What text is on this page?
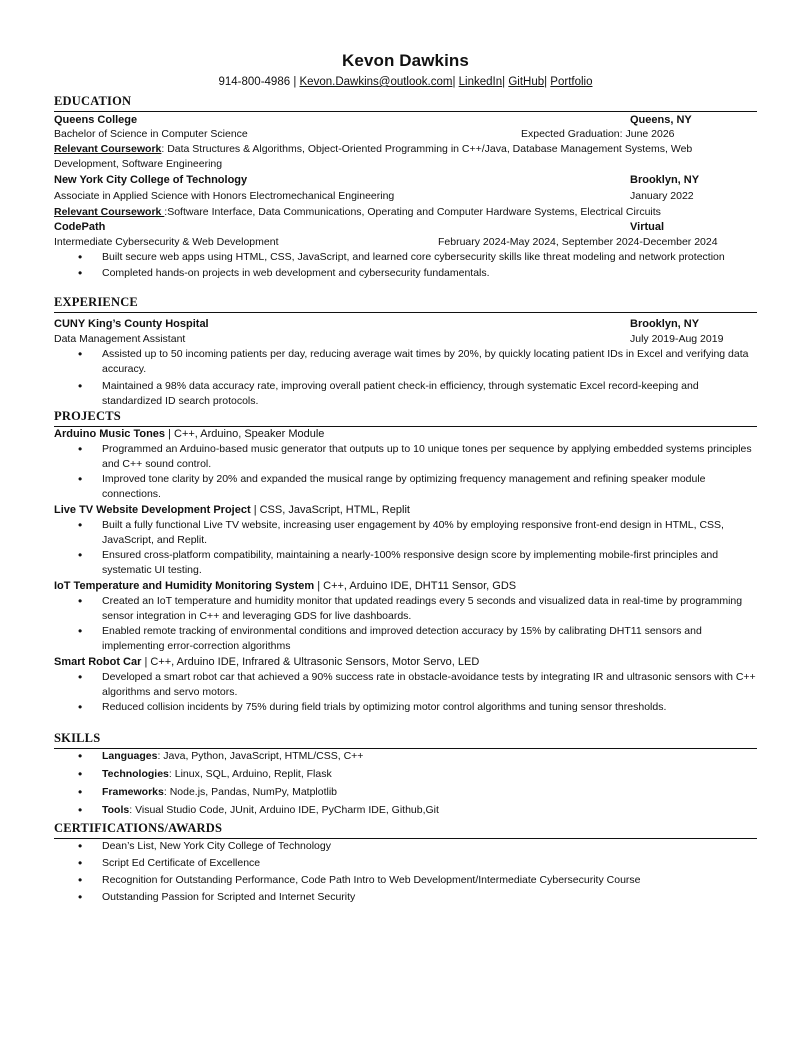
Kevon Dawkins
914-800-4986 | Kevon.Dawkins@outlook.com| LinkedIn| GitHub| Portfolio
EDUCATION
Queens College	Queens, NY
Bachelor of Science in Computer Science	Expected Graduation: June 2026
Relevant Coursework: Data Structures & Algorithms, Object-Oriented Programming in C++/Java, Database Management Systems, Web Development, Software Engineering
New York City College of Technology	Brooklyn, NY
Associate in Applied Science with Honors Electromechanical Engineering	January 2022
Relevant Coursework :Software Interface, Data Communications, Operating and Computer Hardware Systems, Electrical Circuits
CodePath	Virtual
Intermediate Cybersecurity & Web Development	February 2024-May 2024, September 2024-December 2024
• Built secure web apps using HTML, CSS, JavaScript, and learned core cybersecurity skills like threat modeling and network protection
• Completed hands-on projects in web development and cybersecurity fundamentals.
EXPERIENCE
CUNY King’s County Hospital	Brooklyn, NY
Data Management Assistant	July 2019-Aug 2019
• Assisted up to 50 incoming patients per day, reducing average wait times by 20%, by quickly locating patient IDs in Excel and verifying data accuracy.
• Maintained a 98% data accuracy rate, improving overall patient check-in efficiency, through systematic Excel record-keeping and standardized ID search protocols.
PROJECTS
Arduino Music Tones | C++, Arduino, Speaker Module
• Programmed an Arduino-based music generator that outputs up to 10 unique tones per sequence by applying embedded systems principles and C++ sound control.
• Improved tone clarity by 20% and expanded the musical range by optimizing frequency management and refining speaker module connections.
Live TV Website Development Project | CSS, JavaScript, HTML, Replit
• Built a fully functional Live TV website, increasing user engagement by 40% by employing responsive front-end design in HTML, CSS, JavaScript, and Replit.
• Ensured cross-platform compatibility, maintaining a nearly-100% responsive design score by implementing mobile-first principles and systematic UI testing.
IoT Temperature and Humidity Monitoring System | C++, Arduino IDE, DHT11 Sensor, GDS
• Created an IoT temperature and humidity monitor that updated readings every 5 seconds and visualized data in real-time by programming sensor integration in C++ and leveraging GDS for live dashboards.
• Enabled remote tracking of environmental conditions and improved detection accuracy by 15% by calibrating DHT11 sensors and implementing error-correction algorithms
Smart Robot Car | C++, Arduino IDE, Infrared & Ultrasonic Sensors, Motor Servo, LED
• Developed a smart robot car that achieved a 90% success rate in obstacle-avoidance tests by integrating IR and ultrasonic sensors with C++ algorithms and servo motors.
• Reduced collision incidents by 75% during field trials by optimizing motor control algorithms and tuning sensor thresholds.
SKILLS
• Languages: Java, Python, JavaScript, HTML/CSS, C++
• Technologies: Linux, SQL, Arduino, Replit, Flask
• Frameworks: Node.js, Pandas, NumPy, Matplotlib
• Tools: Visual Studio Code, JUnit, Arduino IDE, PyCharm IDE, Github,Git
CERTIFICATIONS/AWARDS
• Dean’s List, New York City College of Technology
• Script Ed Certificate of Excellence
• Recognition for Outstanding Performance, Code Path Intro to Web Development/Intermediate Cybersecurity Course
• Outstanding Passion for Scripted and Internet Security
